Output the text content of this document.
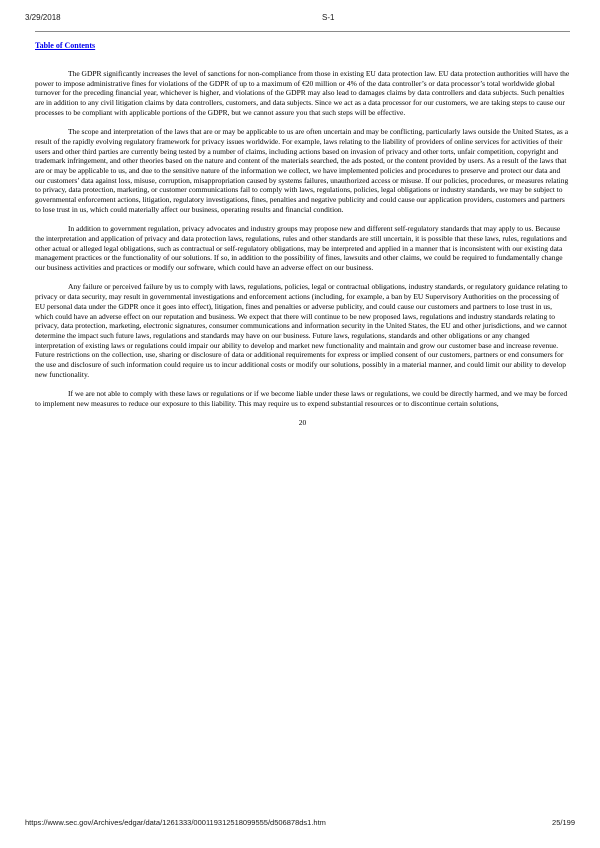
3/29/2018	S-1
Table of Contents

The GDPR significantly increases the level of sanctions for non-compliance from those in existing EU data protection law. EU data protection authorities will have the power to impose administrative fines for violations of the GDPR of up to a maximum of €20 million or 4% of the data controller’s or data processor’s total worldwide global turnover for the preceding financial year, whichever is higher, and violations of the GDPR may also lead to damages claims by data controllers and data subjects. Such penalties are in addition to any civil litigation claims by data controllers, customers, and data subjects. Since we act as a data processor for our customers, we are taking steps to cause our processes to be compliant with applicable portions of the GDPR, but we cannot assure you that such steps will be effective.

The scope and interpretation of the laws that are or may be applicable to us are often uncertain and may be conflicting, particularly laws outside the United States, as a result of the rapidly evolving regulatory framework for privacy issues worldwide. For example, laws relating to the liability of providers of online services for activities of their users and other third parties are currently being tested by a number of claims, including actions based on invasion of privacy and other torts, unfair competition, copyright and trademark infringement, and other theories based on the nature and content of the materials searched, the ads posted, or the content provided by users. As a result of the laws that are or may be applicable to us, and due to the sensitive nature of the information we collect, we have implemented policies and procedures to preserve and protect our data and our customers’ data against loss, misuse, corruption, misappropriation caused by systems failures, unauthorized access or misuse. If our policies, procedures, or measures relating to privacy, data protection, marketing, or customer communications fail to comply with laws, regulations, policies, legal obligations or industry standards, we may be subject to governmental enforcement actions, litigation, regulatory investigations, fines, penalties and negative publicity and could cause our application providers, customers and partners to lose trust in us, which could materially affect our business, operating results and financial condition.

In addition to government regulation, privacy advocates and industry groups may propose new and different self-regulatory standards that may apply to us. Because the interpretation and application of privacy and data protection laws, regulations, rules and other standards are still uncertain, it is possible that these laws, rules, regulations and other actual or alleged legal obligations, such as contractual or self-regulatory obligations, may be interpreted and applied in a manner that is inconsistent with our existing data management practices or the functionality of our solutions. If so, in addition to the possibility of fines, lawsuits and other claims, we could be required to fundamentally change our business activities and practices or modify our software, which could have an adverse effect on our business.

Any failure or perceived failure by us to comply with laws, regulations, policies, legal or contractual obligations, industry standards, or regulatory guidance relating to privacy or data security, may result in governmental investigations and enforcement actions (including, for example, a ban by EU Supervisory Authorities on the processing of EU personal data under the GDPR once it goes into effect), litigation, fines and penalties or adverse publicity, and could cause our customers and partners to lose trust in us, which could have an adverse effect on our reputation and business. We expect that there will continue to be new proposed laws, regulations and industry standards relating to privacy, data protection, marketing, electronic signatures, consumer communications and information security in the United States, the EU and other jurisdictions, and we cannot determine the impact such future laws, regulations and standards may have on our business. Future laws, regulations, standards and other obligations or any changed interpretation of existing laws or regulations could impair our ability to develop and market new functionality and maintain and grow our customer base and increase revenue. Future restrictions on the collection, use, sharing or disclosure of data or additional requirements for express or implied consent of our customers, partners or end consumers for the use and disclosure of such information could require us to incur additional costs or modify our solutions, possibly in a material manner, and could limit our ability to develop new functionality.

If we are not able to comply with these laws or regulations or if we become liable under these laws or regulations, we could be directly harmed, and we may be forced to implement new measures to reduce our exposure to this liability. This may require us to expend substantial resources or to discontinue certain solutions,

20

https://www.sec.gov/Archives/edgar/data/1261333/000119312518099555/d506878ds1.htm	25/199
